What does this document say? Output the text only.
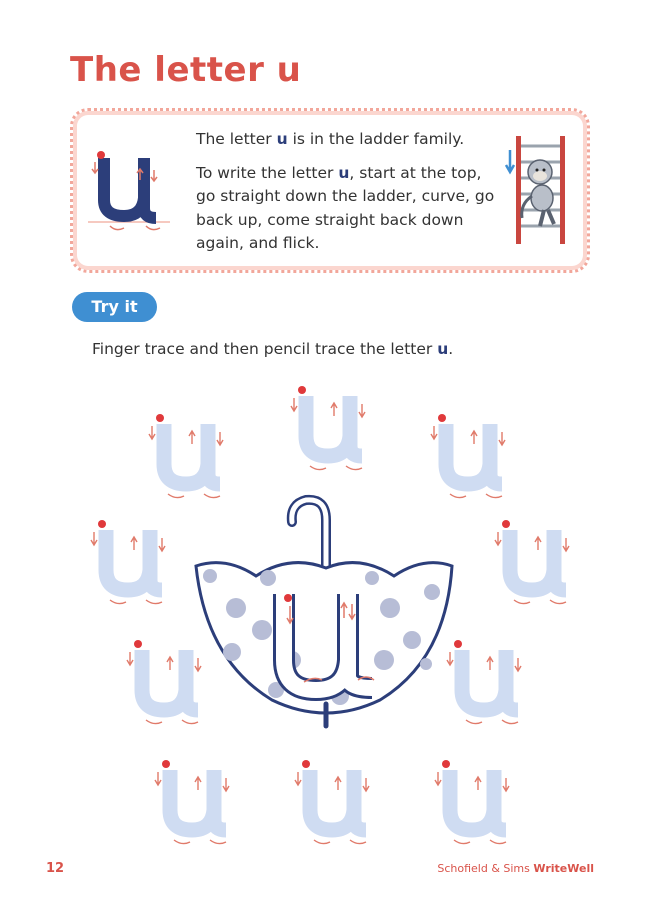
The letter u

The letter u is in the ladder family.

To write the letter u, start at the top, go straight down the ladder, curve, go back up, come straight back down again, and flick.

Try it
Finger trace and then pencil trace the letter u.
12	Schofield & Sims WriteWell
